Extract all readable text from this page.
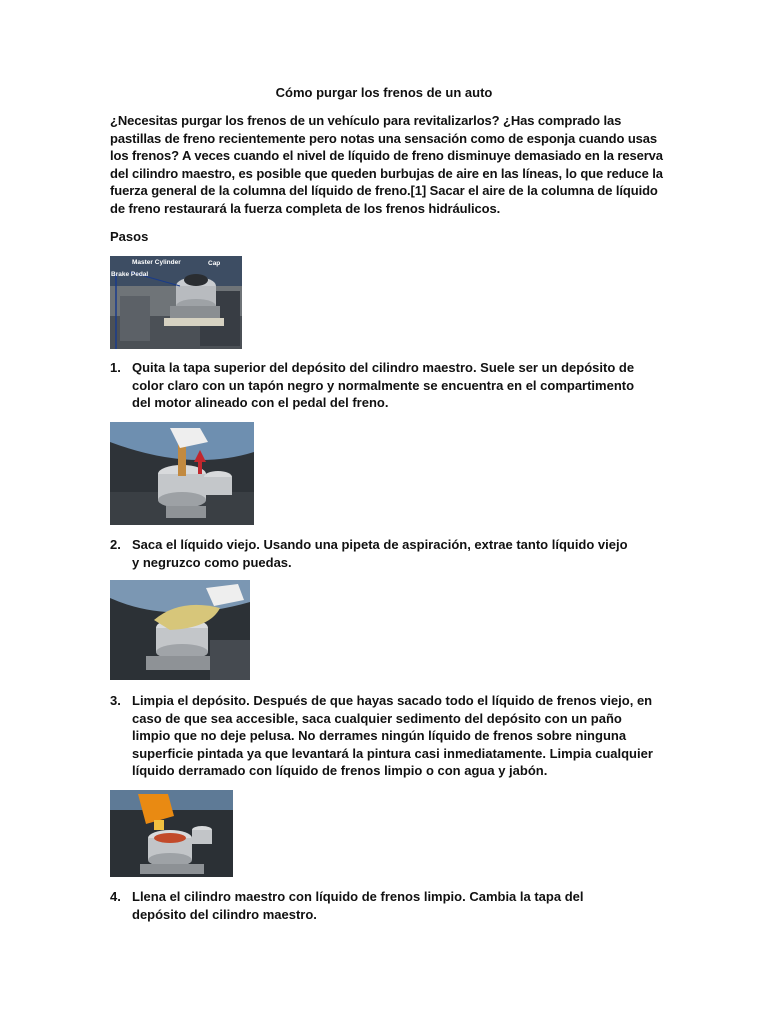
Cómo purgar los frenos de un auto
¿Necesitas purgar los frenos de un vehículo para revitalizarlos? ¿Has comprado las pastillas de freno recientemente pero notas una sensación como de esponja cuando usas los frenos? A veces cuando el nivel de líquido de freno disminuye demasiado en la reserva del cilindro maestro, es posible que queden burbujas de aire en las líneas, lo que reduce la fuerza general de la columna del líquido de freno.[1] Sacar el aire de la columna de líquido de freno restaurará la fuerza completa de los frenos hidráulicos.
Pasos
Master Cylinder	Cap
Brake Pedal
1. Quita la tapa superior del depósito del cilindro maestro. Suele ser un depósito de color claro con un tapón negro y normalmente se encuentra en el compartimento del motor alineado con el pedal del freno.
2. Saca el líquido viejo. Usando una pipeta de aspiración, extrae tanto líquido viejo y negruzco como puedas.
3. Limpia el depósito. Después de que hayas sacado todo el líquido de frenos viejo, en caso de que sea accesible, saca cualquier sedimento del depósito con un paño limpio que no deje pelusa. No derrames ningún líquido de frenos sobre ninguna superficie pintada ya que levantará la pintura casi inmediatamente. Limpia cualquier líquido derramado con líquido de frenos limpio o con agua y jabón.
4. Llena el cilindro maestro con líquido de frenos limpio. Cambia la tapa del depósito del cilindro maestro.
